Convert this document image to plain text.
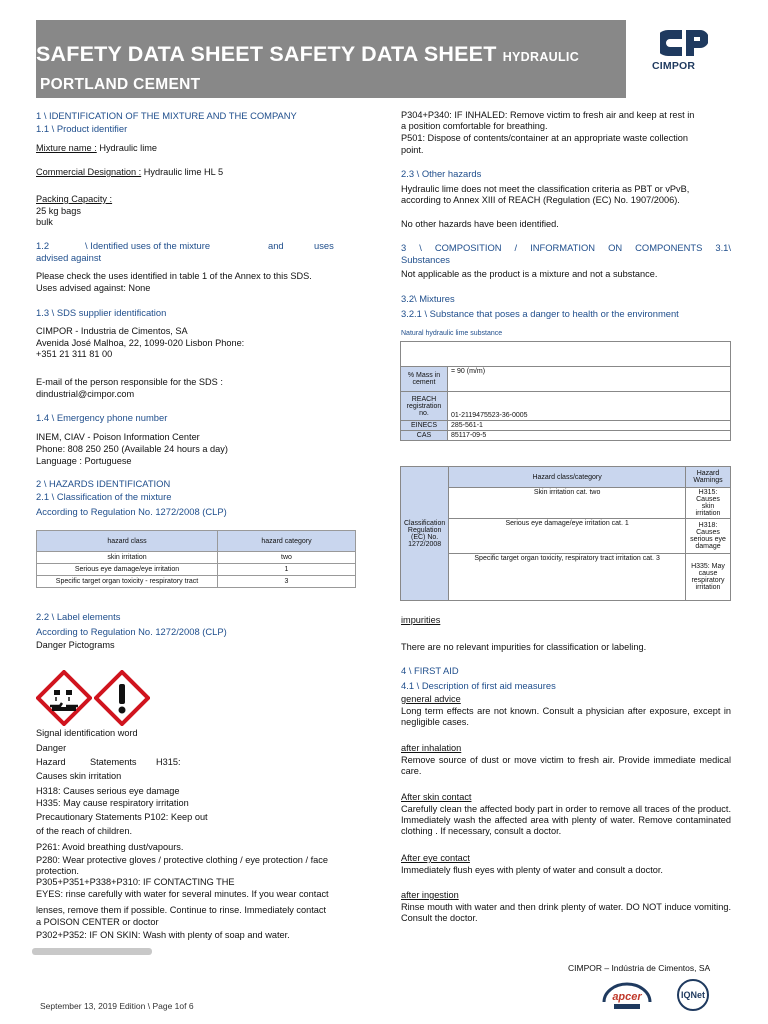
SAFETY DATA SHEET SAFETY DATA SHEET HYDRAULIC
PORTLAND CEMENT
CIMPOR
1 \ IDENTIFICATION OF THE MIXTURE AND THE COMPANY
1.1 \ Product identifier
Mixture name : Hydraulic lime
Commercial Designation : Hydraulic lime HL 5
Packing Capacity :
25 kg bags
bulk
1.2	\ Identified uses of the mixture	and	uses
advised against
Please check the uses identified in table 1 of the Annex to this SDS.
Uses advised against: None
1.3 \ SDS supplier identification
CIMPOR - Industria de Cimentos, SA
Avenida José Malhoa, 22, 1099-020 Lisbon Phone:
+351 21 311 81 00
E-mail of the person responsible for the SDS :
dindustrial@cimpor.com
1.4 \ Emergency phone number
INEM, CIAV - Poison Information Center
Phone: 808 250 250 (Available 24 hours a day)
Language : Portuguese
2 \ HAZARDS IDENTIFICATION
2.1 \ Classification of the mixture
According to Regulation No. 1272/2008 (CLP)
hazard class	hazard category
skin irritation	two
Serious eye damage/eye irritation	1
Specific target organ toxicity - respiratory tract	3
2.2 \ Label elements
According to Regulation No. 1272/2008 (CLP)
Danger Pictograms
Signal identification word
Danger
Hazard	Statements H315:
Causes skin irritation
H318: Causes serious eye damage
H335: May cause respiratory irritation
Precautionary Statements P102: Keep out
of the reach of children.
P261: Avoid breathing dust/vapours.
P280: Wear protective gloves / protective clothing / eye protection / face
protection.
P305+P351+P338+P310: IF CONTACTING THE
EYES: rinse carefully with water for several minutes. If you wear contact
lenses, remove them if possible. Continue to rinse. Immediately contact
a POISON CENTER or doctor
P302+P352: IF ON SKIN: Wash with plenty of soap and water.
P304+P340: IF INHALED: Remove victim to fresh air and keep at rest in
a position comfortable for breathing.
P501: Dispose of contents/container at an appropriate waste collection
point.
2.3 \ Other hazards
Hydraulic lime does not meet the classification criteria as PBT or vPvB,
according to Annex XIII of REACH (Regulation (EC) No. 1907/2006).
No other hazards have been identified.
3 \ COMPOSITION / INFORMATION ON COMPONENTS 3.1\
Substances
Not applicable as the product is a mixture and not a substance.
3.2\ Mixtures
3.2.1 \ Substance that poses a danger to health or the environment
Natural hydraulic lime substance

% Mass in cement	= 90 (m/m)
REACH registration no.	01-2119475523-36-0005
EINECS	285-561-1
CAS	85117-09-5
Classification Regulation (EC) No. 1272/2008	Hazard class/category	Hazard Warnings
	Skin irritation cat. two	H315: Causes skin irritation
	Serious eye damage/eye irritation cat. 1	H318: Causes serious eye damage
	Specific target organ toxicity, respiratory tract irritation cat. 3	H335: May cause respiratory irritation
impurities
There are no relevant impurities for classification or labeling.
4 \ FIRST AID
4.1 \ Description of first aid measures
general advice
Long term effects are not known. Consult a physician after exposure, except in negligible cases.
after inhalation
Remove source of dust or move victim to fresh air. Provide immediate medical care.
After skin contact
Carefully clean the affected body part in order to remove all traces of the product. Immediately wash the affected area with plenty of water. Remove contaminated clothing . If necessary, consult a doctor.
After eye contact
Immediately flush eyes with plenty of water and consult a doctor.
after ingestion
Rinse mouth with water and then drink plenty of water. DO NOT induce vomiting. Consult the doctor.
CIMPOR – Indústria de Cimentos, SA
apcer	IQNet
September 13, 2019 Edition \ Page 1of 6
